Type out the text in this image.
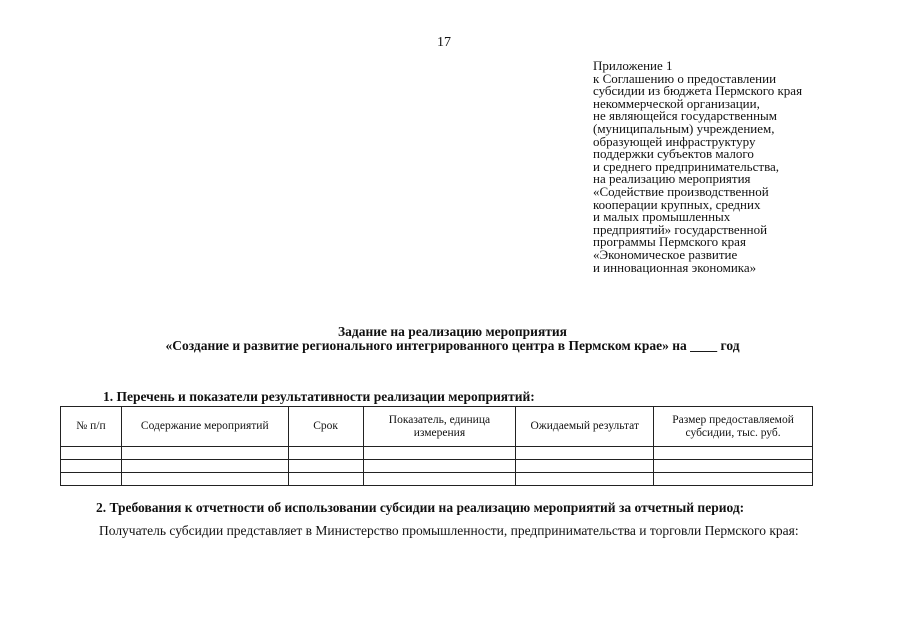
17
Приложение 1
к Соглашению о предоставлении
субсидии из бюджета Пермского края
некоммерческой организации,
не являющейся государственным
(муниципальным) учреждением,
образующей инфраструктуру
поддержки субъектов малого
и среднего предпринимательства,
на реализацию мероприятия
«Содействие производственной
кооперации крупных, средних
и малых промышленных
предприятий» государственной
программы Пермского края
«Экономическое развитие
и инновационная экономика»
Задание на реализацию мероприятия
«Создание и развитие регионального интегрированного центра в Пермском крае» на ____ год
1. Перечень и показатели результативности реализации мероприятий:
№ п/п	Содержание мероприятий	Срок	Показатель, единица измерения	Ожидаемый результат	Размер предоставляемой субсидии, тыс. руб.

2. Требования к отчетности об использовании субсидии на реализацию мероприятий за отчетный период:
Получатель субсидии представляет в Министерство промышленности, предпринимательства и торговли Пермского края:
